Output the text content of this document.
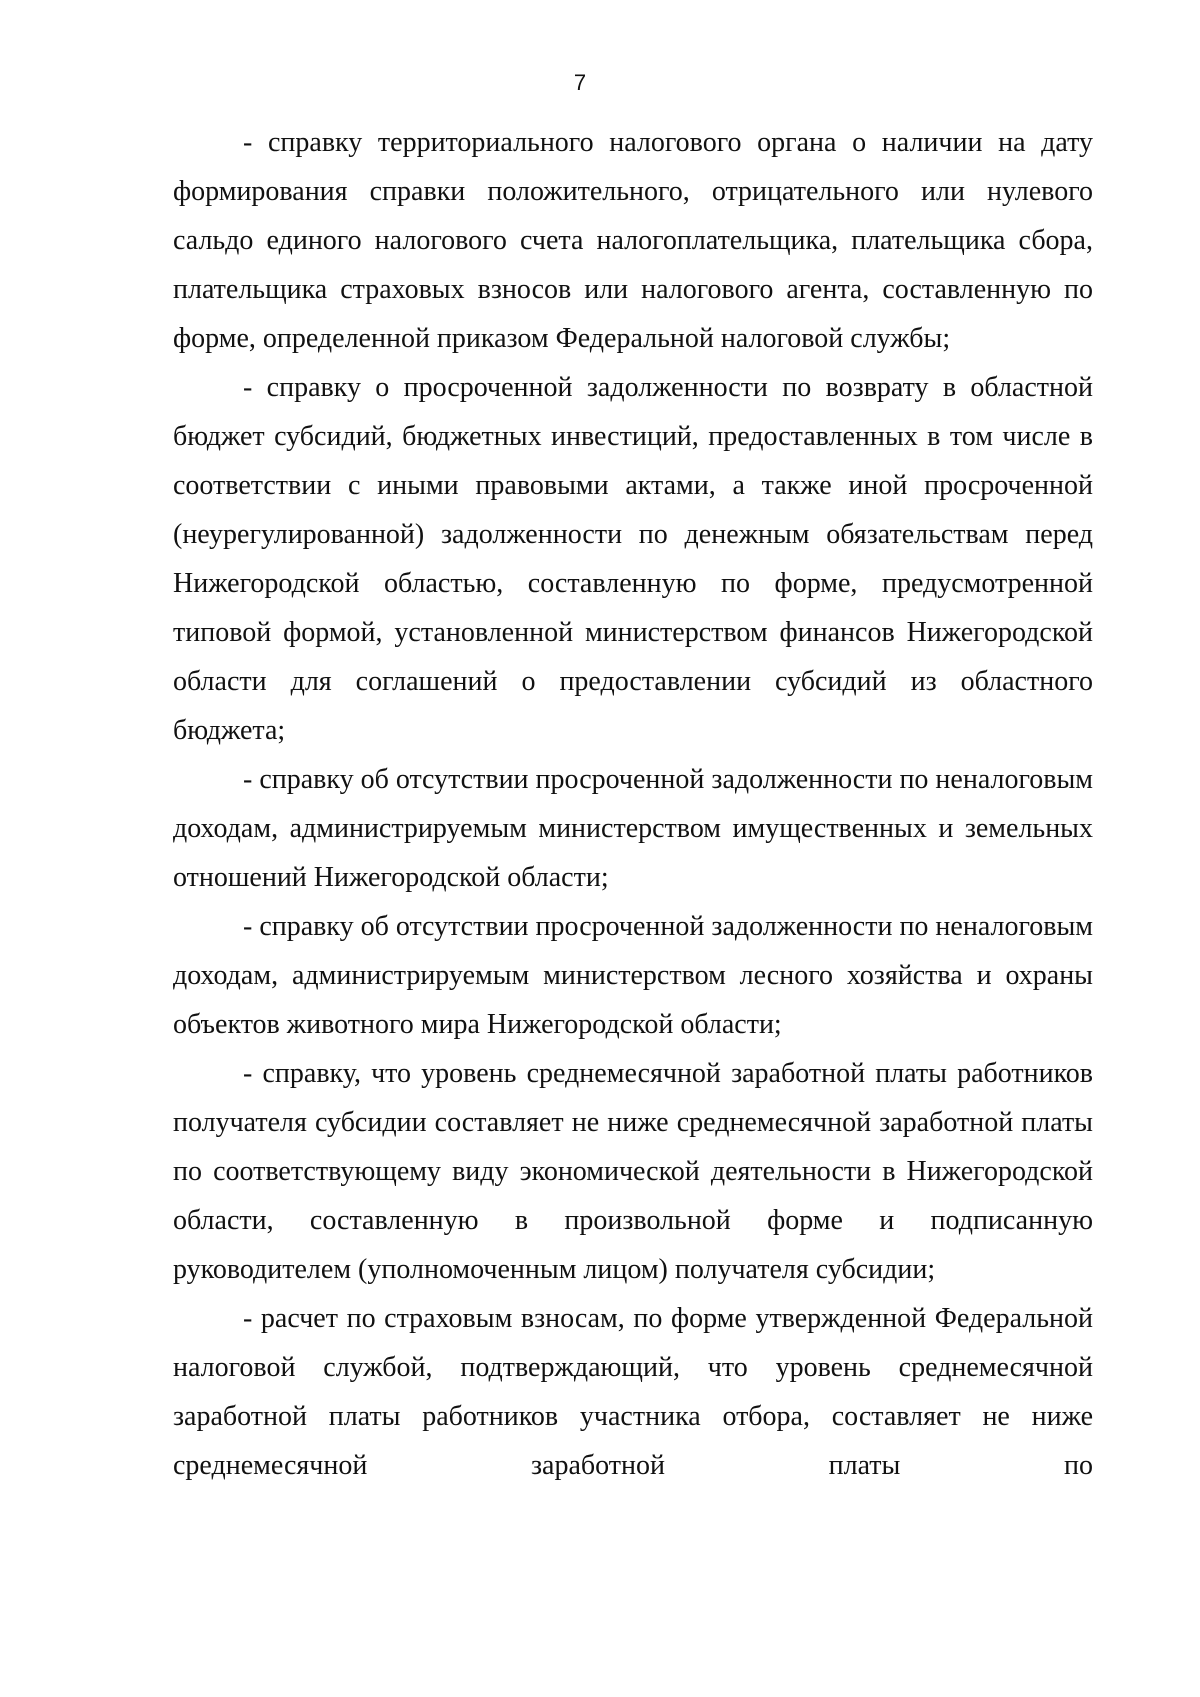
7

- справку территориального налогового органа о наличии на дату формирования справки положительного, отрицательного или нулевого сальдо единого налогового счета налогоплательщика, плательщика сбора, плательщика страховых взносов или налогового агента, составленную по форме, определенной приказом Федеральной налоговой службы;

- справку о просроченной задолженности по возврату в областной бюджет субсидий, бюджетных инвестиций, предоставленных в том числе в соответствии с иными правовыми актами, а также иной просроченной (неурегулированной) задолженности по денежным обязательствам перед Нижегородской областью, составленную по форме, предусмотренной типовой формой, установленной министерством финансов Нижегородской области для соглашений о предоставлении субсидий из областного бюджета;

- справку об отсутствии просроченной задолженности по неналоговым доходам, администрируемым министерством имущественных и земельных отношений Нижегородской области;

- справку об отсутствии просроченной задолженности по неналоговым доходам, администрируемым министерством лесного хозяйства и охраны объектов животного мира Нижегородской области;

- справку, что уровень среднемесячной заработной платы работников получателя субсидии составляет не ниже среднемесячной заработной платы по соответствующему виду экономической деятельности в Нижегородской области, составленную в произвольной форме и подписанную руководителем (уполномоченным лицом) получателя субсидии;

- расчет по страховым взносам, по форме утвержденной Федеральной налоговой службой, подтверждающий, что уровень среднемесячной заработной платы работников участника отбора, составляет не ниже среднемесячной заработной платы по
